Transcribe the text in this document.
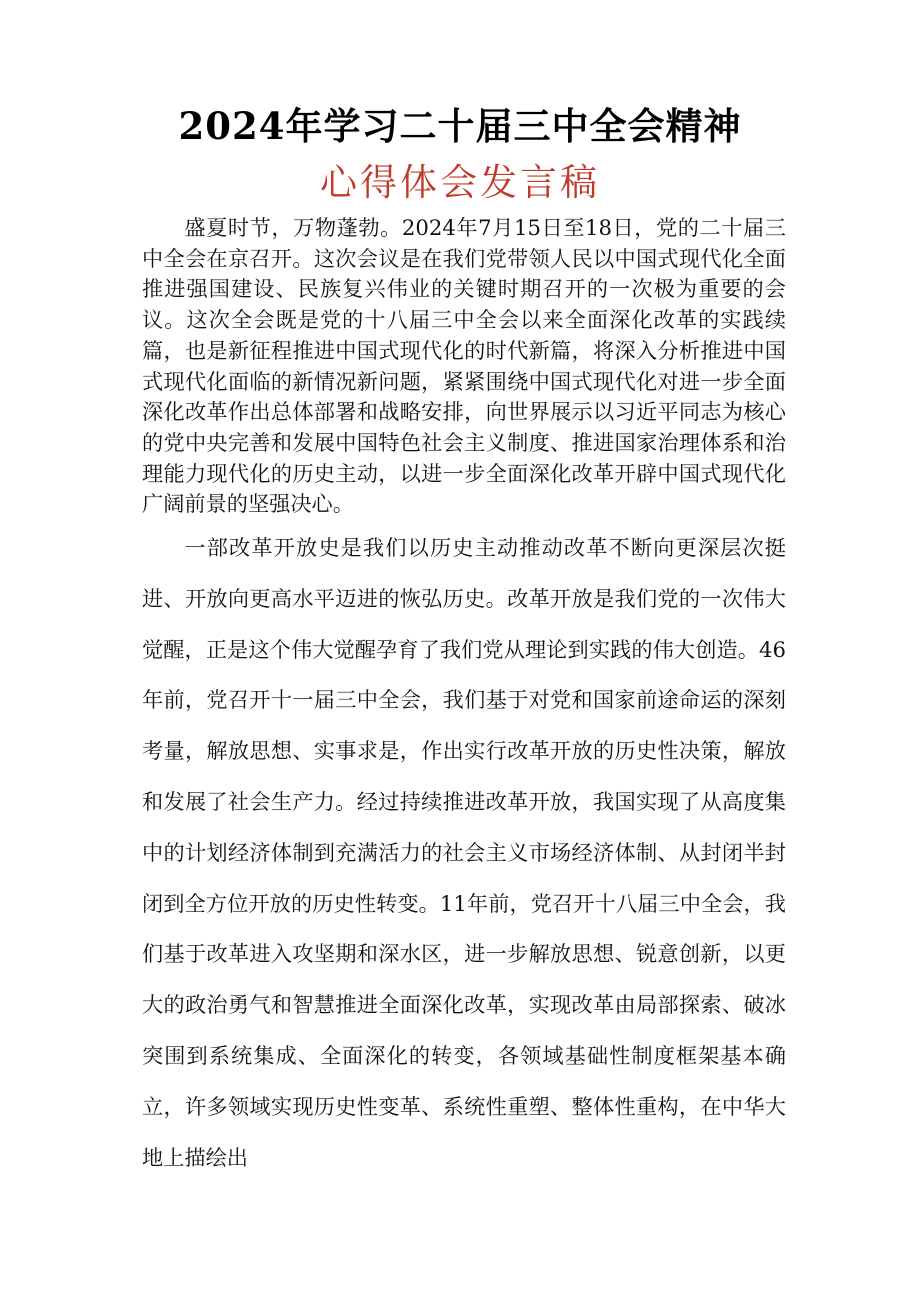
2024年学习二十届三中全会精神
心得体会发言稿

盛夏时节，万物蓬勃。2024年7月15日至18日，党的二十届三中全会在京召开。这次会议是在我们党带领人民以中国式现代化全面推进强国建设、民族复兴伟业的关键时期召开的一次极为重要的会议。这次全会既是党的十八届三中全会以来全面深化改革的实践续篇，也是新征程推进中国式现代化的时代新篇，将深入分析推进中国式现代化面临的新情况新问题，紧紧围绕中国式现代化对进一步全面深化改革作出总体部署和战略安排，向世界展示以习近平同志为核心的党中央完善和发展中国特色社会主义制度、推进国家治理体系和治理能力现代化的历史主动，以进一步全面深化改革开辟中国式现代化广阔前景的坚强决心。

一部改革开放史是我们以历史主动推动改革不断向更深层次挺进、开放向更高水平迈进的恢弘历史。改革开放是我们党的一次伟大觉醒，正是这个伟大觉醒孕育了我们党从理论到实践的伟大创造。46年前，党召开十一届三中全会，我们基于对党和国家前途命运的深刻考量，解放思想、实事求是，作出实行改革开放的历史性决策，解放和发展了社会生产力。经过持续推进改革开放，我国实现了从高度集中的计划经济体制到充满活力的社会主义市场经济体制、从封闭半封闭到全方位开放的历史性转变。11年前，党召开十八届三中全会，我们基于改革进入攻坚期和深水区，进一步解放思想、锐意创新，以更大的政治勇气和智慧推进全面深化改革，实现改革由局部探索、破冰突围到系统集成、全面深化的转变，各领域基础性制度框架基本确立，许多领域实现历史性变革、系统性重塑、整体性重构，在中华大地上描绘出
